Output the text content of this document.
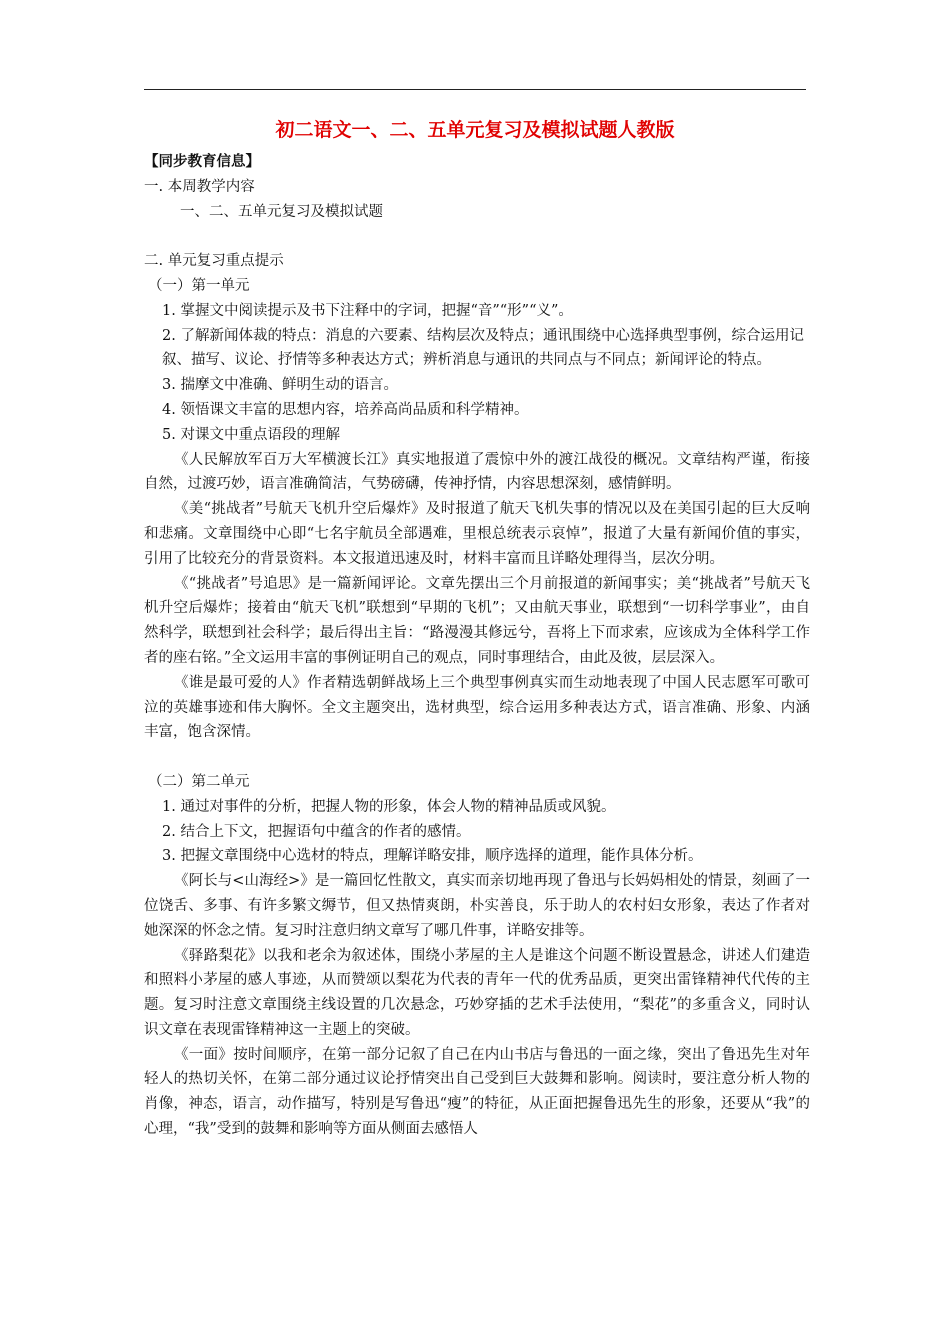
初二语文一、二、五单元复习及模拟试题人教版

【同步教育信息】

一. 本周教学内容

一、二、五单元复习及模拟试题

二. 单元复习重点提示

（一）第一单元

1. 掌握文中阅读提示及书下注释中的字词，把握“音”“形”“义”。

2. 了解新闻体裁的特点：消息的六要素、结构层次及特点；通讯围绕中心选择典型事例，综合运用记叙、描写、议论、抒情等多种表达方式；辨析消息与通讯的共同点与不同点；新闻评论的特点。

3. 揣摩文中准确、鲜明生动的语言。

4. 领悟课文丰富的思想内容，培养高尚品质和科学精神。

5. 对课文中重点语段的理解

《人民解放军百万大军横渡长江》真实地报道了震惊中外的渡江战役的概况。文章结构严谨，衔接自然，过渡巧妙，语言准确简洁，气势磅礴，传神抒情，内容思想深刻，感情鲜明。

《美“挑战者”号航天飞机升空后爆炸》及时报道了航天飞机失事的情况以及在美国引起的巨大反响和悲痛。文章围绕中心即“七名宇航员全部遇难，里根总统表示哀悼”，报道了大量有新闻价值的事实，引用了比较充分的背景资料。本文报道迅速及时，材料丰富而且详略处理得当，层次分明。

《“挑战者”号追思》是一篇新闻评论。文章先摆出三个月前报道的新闻事实；美“挑战者”号航天飞机升空后爆炸；接着由“航天飞机”联想到“早期的飞机”；又由航天事业，联想到“一切科学事业”，由自然科学，联想到社会科学；最后得出主旨：“路漫漫其修远兮，吾将上下而求索，应该成为全体科学工作者的座右铭。”全文运用丰富的事例证明自己的观点，同时事理结合，由此及彼，层层深入。

《谁是最可爱的人》作者精选朝鲜战场上三个典型事例真实而生动地表现了中国人民志愿军可歌可泣的英雄事迹和伟大胸怀。全文主题突出，选材典型，综合运用多种表达方式，语言准确、形象、内涵丰富，饱含深情。

（二）第二单元

1. 通过对事件的分析，把握人物的形象，体会人物的精神品质或风貌。

2. 结合上下文，把握语句中蕴含的作者的感情。

3. 把握文章围绕中心选材的特点，理解详略安排，顺序选择的道理，能作具体分析。

《阿长与<山海经>》是一篇回忆性散文，真实而亲切地再现了鲁迅与长妈妈相处的情景，刻画了一位饶舌、多事、有许多繁文缛节，但又热情爽朗，朴实善良，乐于助人的农村妇女形象，表达了作者对她深深的怀念之情。复习时注意归纳文章写了哪几件事，详略安排等。

《驿路梨花》以我和老余为叙述体，围绕小茅屋的主人是谁这个问题不断设置悬念，讲述人们建造和照料小茅屋的感人事迹，从而赞颂以梨花为代表的青年一代的优秀品质，更突出雷锋精神代代传的主题。复习时注意文章围绕主线设置的几次悬念，巧妙穿插的艺术手法使用，“梨花”的多重含义，同时认识文章在表现雷锋精神这一主题上的突破。

《一面》按时间顺序，在第一部分记叙了自己在内山书店与鲁迅的一面之缘，突出了鲁迅先生对年轻人的热切关怀，在第二部分通过议论抒情突出自己受到巨大鼓舞和影响。阅读时，要注意分析人物的肖像，神态，语言，动作描写，特别是写鲁迅“瘦”的特征，从正面把握鲁迅先生的形象，还要从“我”的心理，“我”受到的鼓舞和影响等方面从侧面去感悟人
